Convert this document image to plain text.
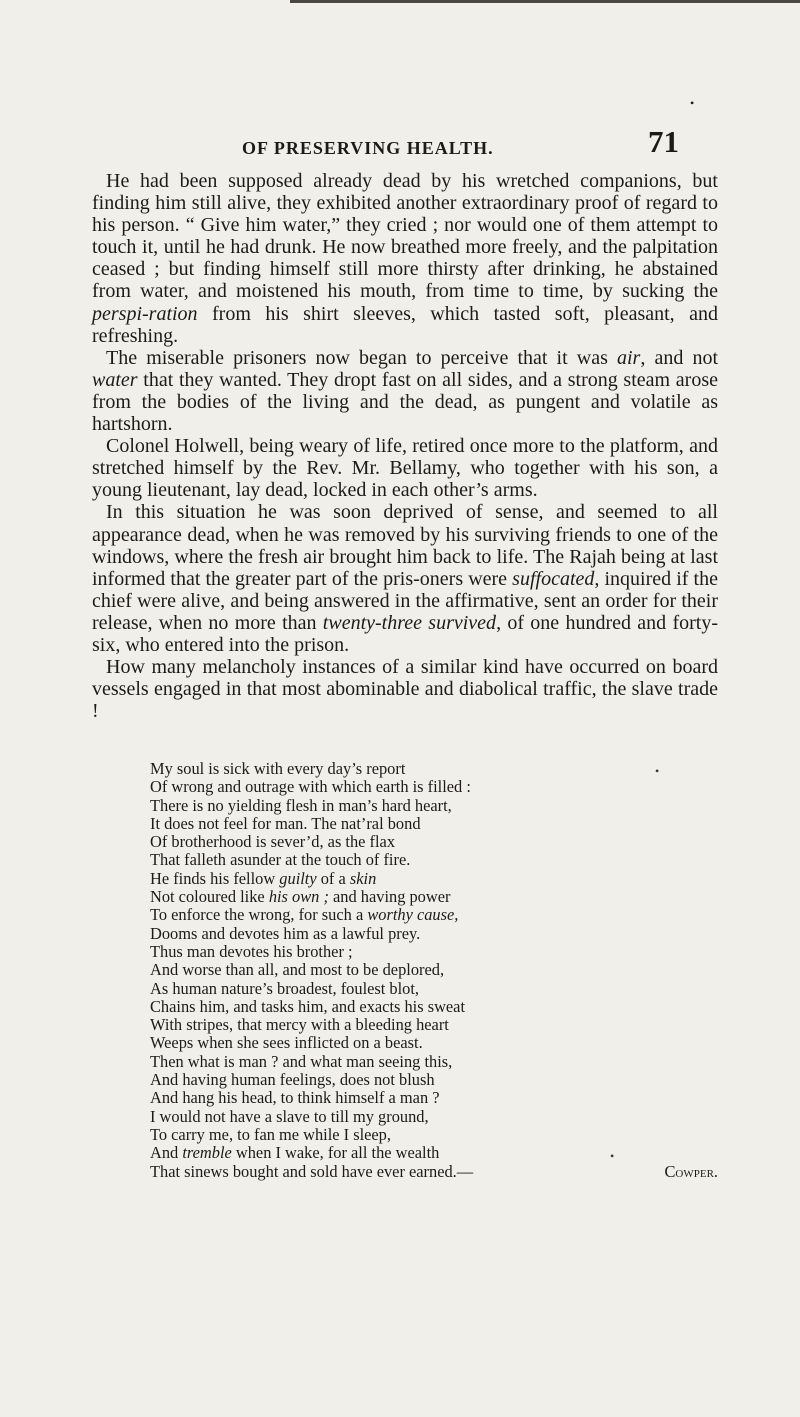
•
OF PRESERVING HEALTH.	71

He had been supposed already dead by his wretched companions, but finding him still alive, they exhibited another extraordinary proof of regard to his person. “ Give him water,” they cried ; nor would one of them attempt to touch it, until he had drunk. He now breathed more freely, and the palpitation ceased ; but finding himself still more thirsty after drinking, he abstained from water, and moistened his mouth, from time to time, by sucking the perspi-ration from his shirt sleeves, which tasted soft, pleasant, and refreshing.

The miserable prisoners now began to perceive that it was air, and not water that they wanted. They dropt fast on all sides, and a strong steam arose from the bodies of the living and the dead, as pungent and volatile as hartshorn.

Colonel Holwell, being weary of life, retired once more to the platform, and stretched himself by the Rev. Mr. Bellamy, who together with his son, a young lieutenant, lay dead, locked in each other’s arms.

In this situation he was soon deprived of sense, and seemed to all appearance dead, when he was removed by his surviving friends to one of the windows, where the fresh air brought him back to life. The Rajah being at last informed that the greater part of the pris-oners were suffocated, inquired if the chief were alive, and being answered in the affirmative, sent an order for their release, when no more than twenty-three survived, of one hundred and forty-six, who entered into the prison.

How many melancholy instances of a similar kind have occurred on board vessels engaged in that most abominable and diabolical traffic, the slave trade !

My soul is sick with every day’s report
Of wrong and outrage with which earth is filled :
There is no yielding flesh in man’s hard heart,
It does not feel for man. The nat’ral bond
Of brotherhood is sever’d, as the flax
That falleth asunder at the touch of fire.
He finds his fellow guilty of a skin
Not coloured like his own ; and having power
To enforce the wrong, for such a worthy cause,
Dooms and devotes him as a lawful prey.
Thus man devotes his brother ;
And worse than all, and most to be deplored,
As human nature’s broadest, foulest blot,
Chains him, and tasks him, and exacts his sweat
With stripes, that mercy with a bleeding heart
Weeps when she sees inflicted on a beast.
Then what is man ? and what man seeing this,
And having human feelings, does not blush
And hang his head, to think himself a man ?
I would not have a slave to till my ground,
To carry me, to fan me while I sleep,
And tremble when I wake, for all the wealth
That sinews bought and sold have ever earned.—	Cowper.
•
•
